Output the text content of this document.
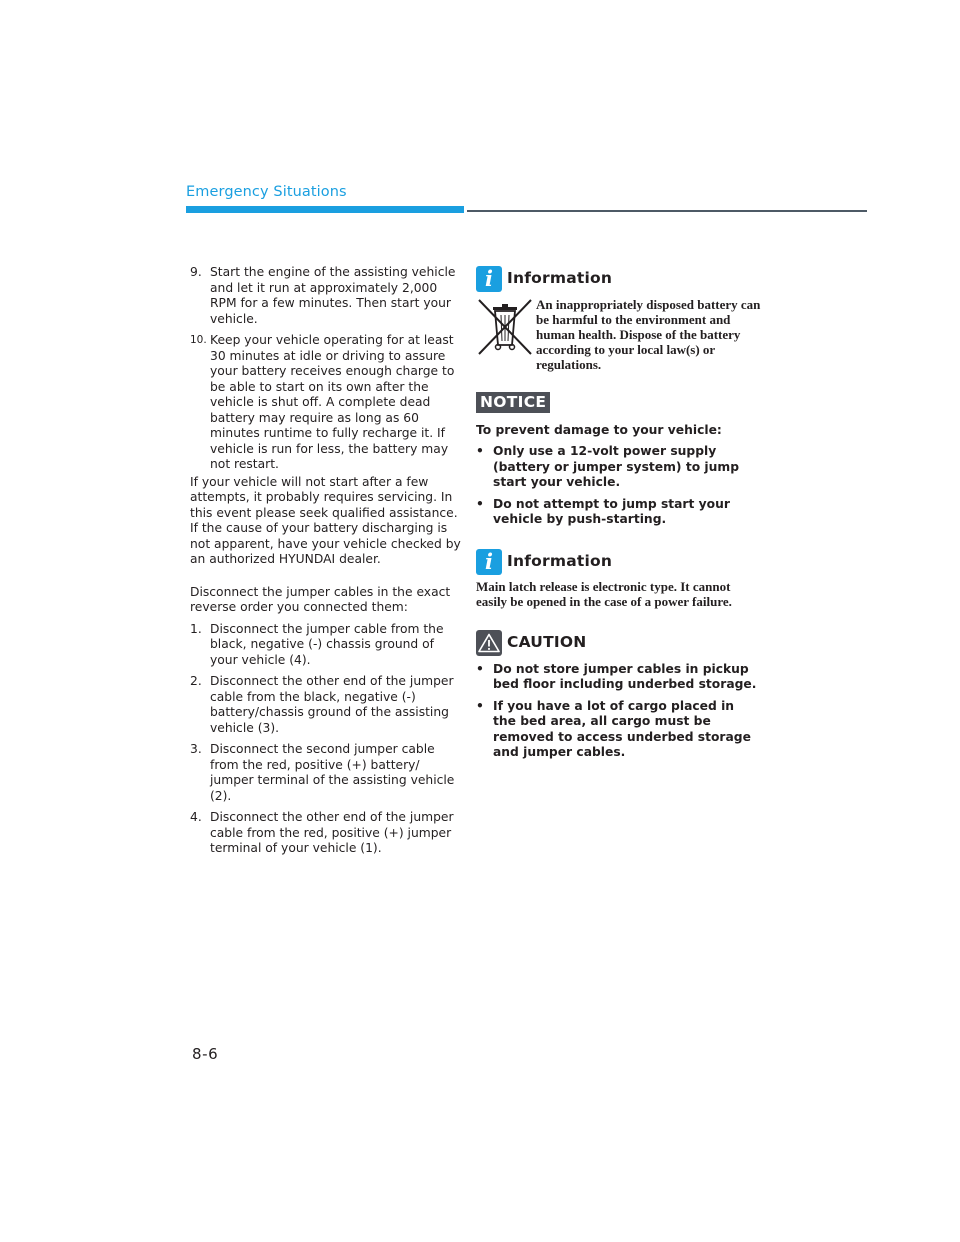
Emergency Situations
9. Start the engine of the assisting vehicle and let it run at approximately 2,000 RPM for a few minutes. Then start your vehicle.
10. Keep your vehicle operating for at least 30 minutes at idle or driving to assure your battery receives enough charge to be able to start on its own after the vehicle is shut off. A complete dead battery may require as long as 60 minutes runtime to fully recharge it. If vehicle is run for less, the battery may not restart.

If your vehicle will not start after a few attempts, it probably requires servicing. In this event please seek qualified assistance. If the cause of your battery discharging is not apparent, have your vehicle checked by an authorized HYUNDAI dealer.

Disconnect the jumper cables in the exact reverse order you connected them:

1. Disconnect the jumper cable from the black, negative (-) chassis ground of your vehicle (4).
2. Disconnect the other end of the jumper cable from the black, negative (-) battery/chassis ground of the assisting vehicle (3).
3. Disconnect the second jumper cable from the red, positive (+) battery/ jumper terminal of the assisting vehicle (2).
4. Disconnect the other end of the jumper cable from the red, positive (+) jumper terminal of your vehicle (1).
i Information
An inappropriately disposed battery can be harmful to the environment and human health. Dispose of the battery according to your local law(s) or regulations.
NOTICE
To prevent damage to your vehicle:
• Only use a 12-volt power supply (battery or jumper system) to jump start your vehicle.
• Do not attempt to jump start your vehicle by push-starting.
i Information
Main latch release is electronic type. It cannot easily be opened in the case of a power failure.
CAUTION
• Do not store jumper cables in pickup bed floor including underbed storage.
• If you have a lot of cargo placed in the bed area, all cargo must be removed to access underbed storage and jumper cables.
8-6
